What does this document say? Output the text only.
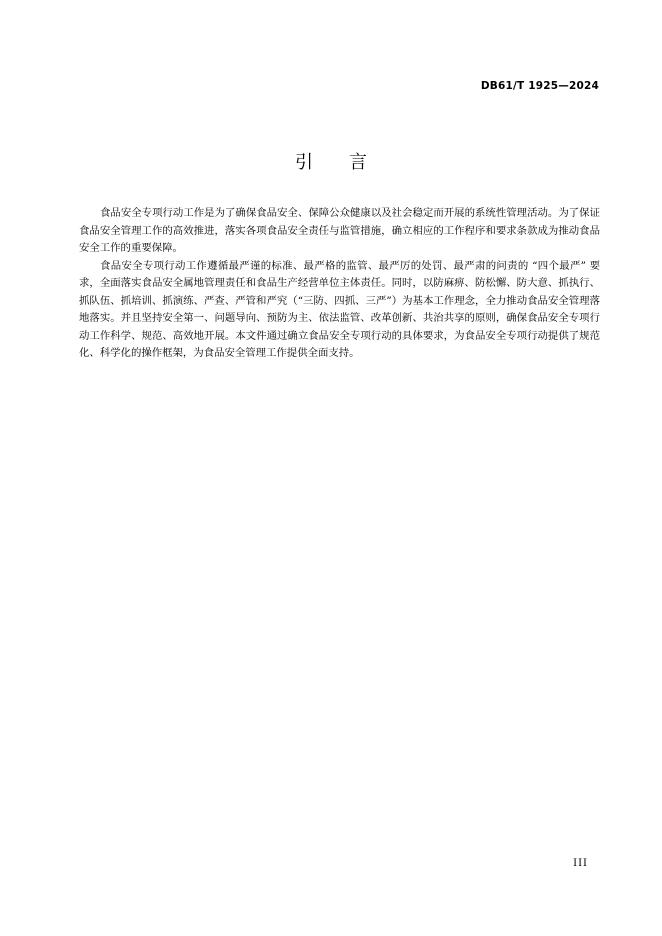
DB61/T 1925—2024
引言

食品安全专项行动工作是为了确保食品安全、保障公众健康以及社会稳定而开展的系统性管理活动。为了保证食品安全管理工作的高效推进，落实各项食品安全责任与监管措施，确立相应的工作程序和要求条款成为推动食品安全工作的重要保障。

食品安全专项行动工作遵循最严谨的标准、最严格的监管、最严厉的处罚、最严肃的问责的 “四个最严” 要求，全面落实食品安全属地管理责任和食品生产经营单位主体责任。同时，以防麻痹、防松懈、防大意、抓执行、抓队伍、抓培训、抓演练、严查、严管和严究（“三防、四抓、三严”）为基本工作理念，全力推动食品安全管理落地落实。并且坚持安全第一、问题导向、预防为主、依法监管、改革创新、共治共享的原则，确保食品安全专项行动工作科学、规范、高效地开展。本文件通过确立食品安全专项行动的具体要求，为食品安全专项行动提供了规范化、科学化的操作框架，为食品安全管理工作提供全面支持。

III
